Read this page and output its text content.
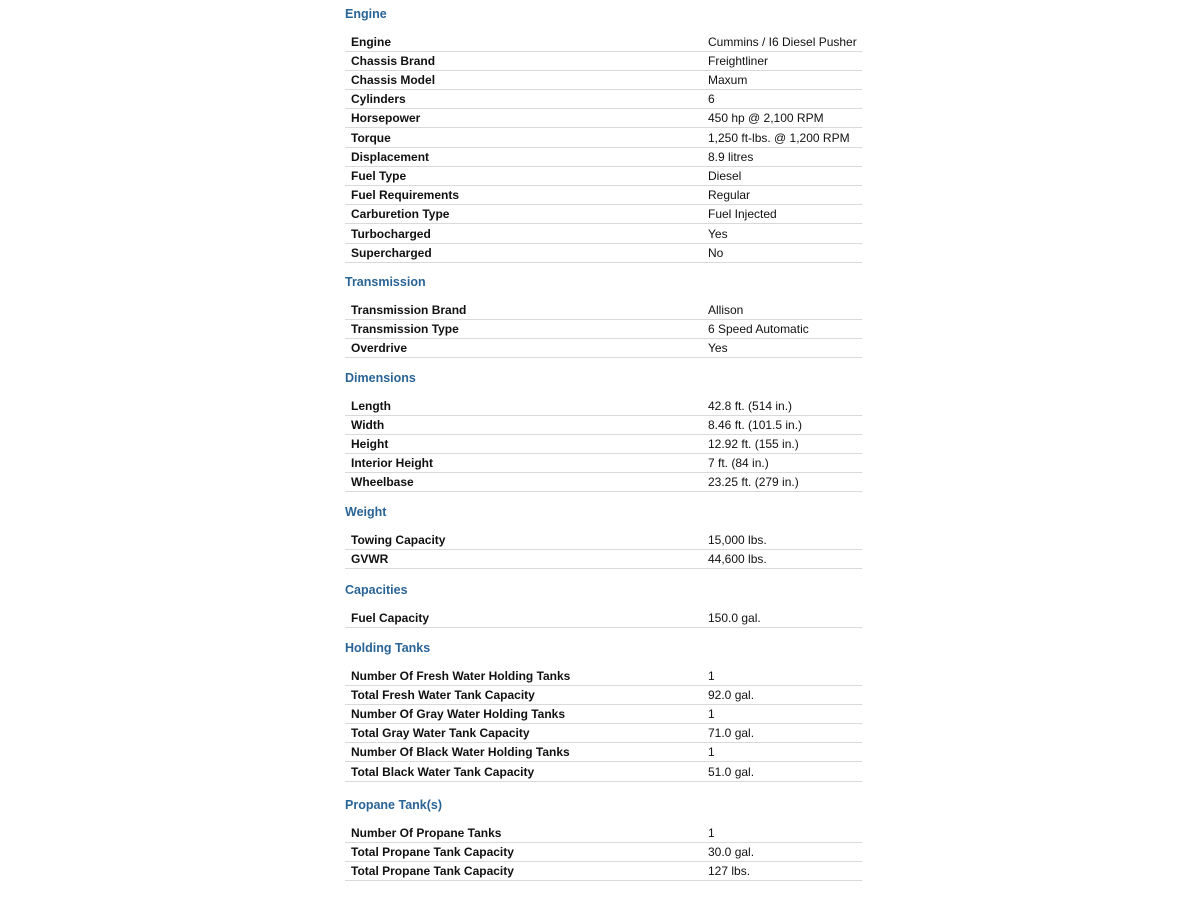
Engine
Engine	Cummins / I6 Diesel Pusher
Chassis Brand	Freightliner
Chassis Model	Maxum
Cylinders	6
Horsepower	450 hp @ 2,100 RPM
Torque	1,250 ft-lbs. @ 1,200 RPM
Displacement	8.9 litres
Fuel Type	Diesel
Fuel Requirements	Regular
Carburetion Type	Fuel Injected
Turbocharged	Yes
Supercharged	No
Transmission
Transmission Brand	Allison
Transmission Type	6 Speed Automatic
Overdrive	Yes
Dimensions
Length	42.8 ft. (514 in.)
Width	8.46 ft. (101.5 in.)
Height	12.92 ft. (155 in.)
Interior Height	7 ft. (84 in.)
Wheelbase	23.25 ft. (279 in.)
Weight
Towing Capacity	15,000 lbs.
GVWR	44,600 lbs.
Capacities
Fuel Capacity	150.0 gal.
Holding Tanks
Number Of Fresh Water Holding Tanks	1
Total Fresh Water Tank Capacity	92.0 gal.
Number Of Gray Water Holding Tanks	1
Total Gray Water Tank Capacity	71.0 gal.
Number Of Black Water Holding Tanks	1
Total Black Water Tank Capacity	51.0 gal.
Propane Tank(s)
Number Of Propane Tanks	1
Total Propane Tank Capacity	30.0 gal.
Total Propane Tank Capacity	127 lbs.
